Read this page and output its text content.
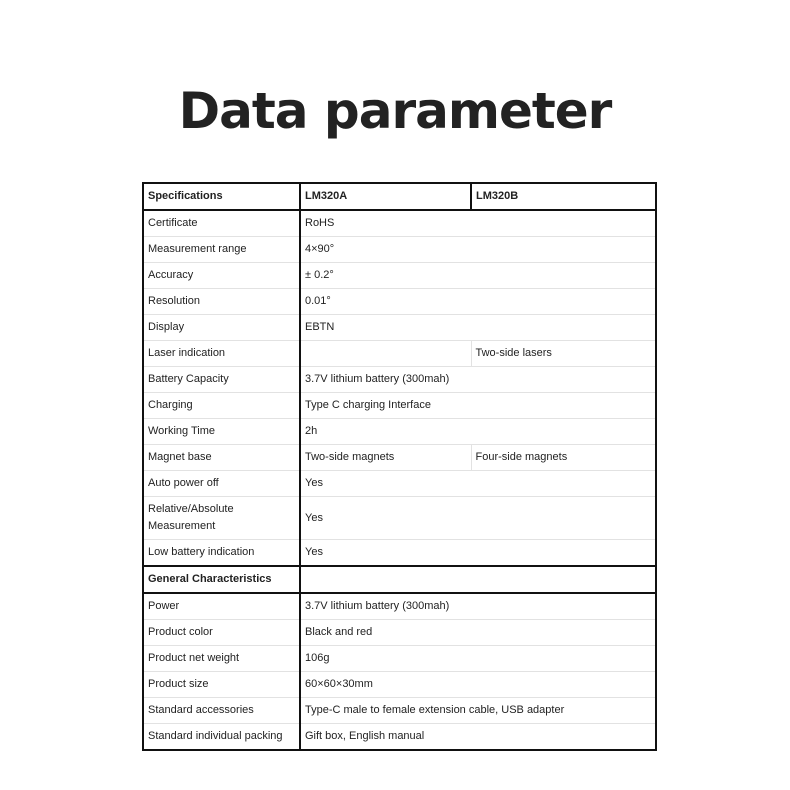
Data parameter
Specifications	LM320A	LM320B
Certificate	RoHS	
Measurement range	4×90°	
Accuracy	± 0.2°	
Resolution	0.01°	
Display	EBTN	
Laser indication		Two-side lasers
Battery Capacity	3.7V lithium battery (300mah)	
Charging	Type C charging Interface	
Working Time	2h	
Magnet base	Two-side magnets	Four-side magnets
Auto power off	Yes	
Relative/Absolute Measurement	Yes	
Low battery indication	Yes	
General Characteristics		
Power	3.7V lithium battery (300mah)	
Product color	Black and red	
Product net weight	106g	
Product size	60×60×30mm	
Standard accessories	Type-C male to female extension cable, USB adapter	
Standard individual packing	Gift box, English manual	
